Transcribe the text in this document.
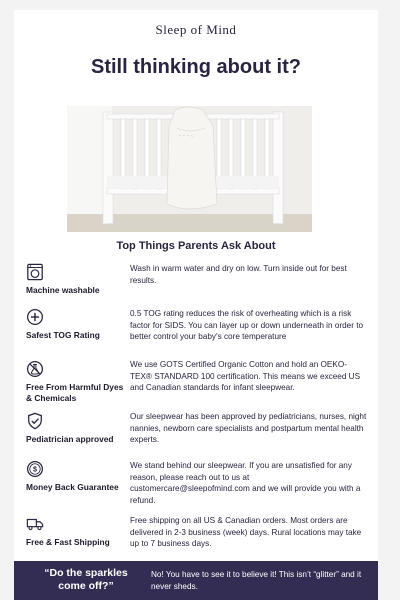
Sleep of Mind
Still thinking about it?
Top Things Parents Ask About
Machine washable
Wash in warm water and dry on low. Turn inside out for best results.
Safest TOG Rating
0.5 TOG rating reduces the risk of overheating which is a risk factor for SIDS. You can layer up or down underneath in order to better control your baby's core temperature
Free From Harmful Dyes & Chemicals
We use GOTS Certified Organic Cotton and hold an OEKO-TEX® STANDARD 100 certification. This means we exceed US and Canadian standards for infant sleepwear.
Pediatrician approved
Our sleepwear has been approved by pediatricians, nurses, night nannies, newborn care specialists and postpartum mental health experts.
$
Money Back Guarantee
We stand behind our sleepwear. If you are unsatisfied for any reason, please reach out to us at customercare@sleepofmind.com and we will provide you with a refund.
Free & Fast Shipping
Free shipping on all US & Canadian orders. Most orders are delivered in 2-3 business (week) days. Rural locations may take up to 7 business days.
“Do the sparkles come off?”
No! You have to see it to believe it! This isn’t “glitter” and it never sheds.
